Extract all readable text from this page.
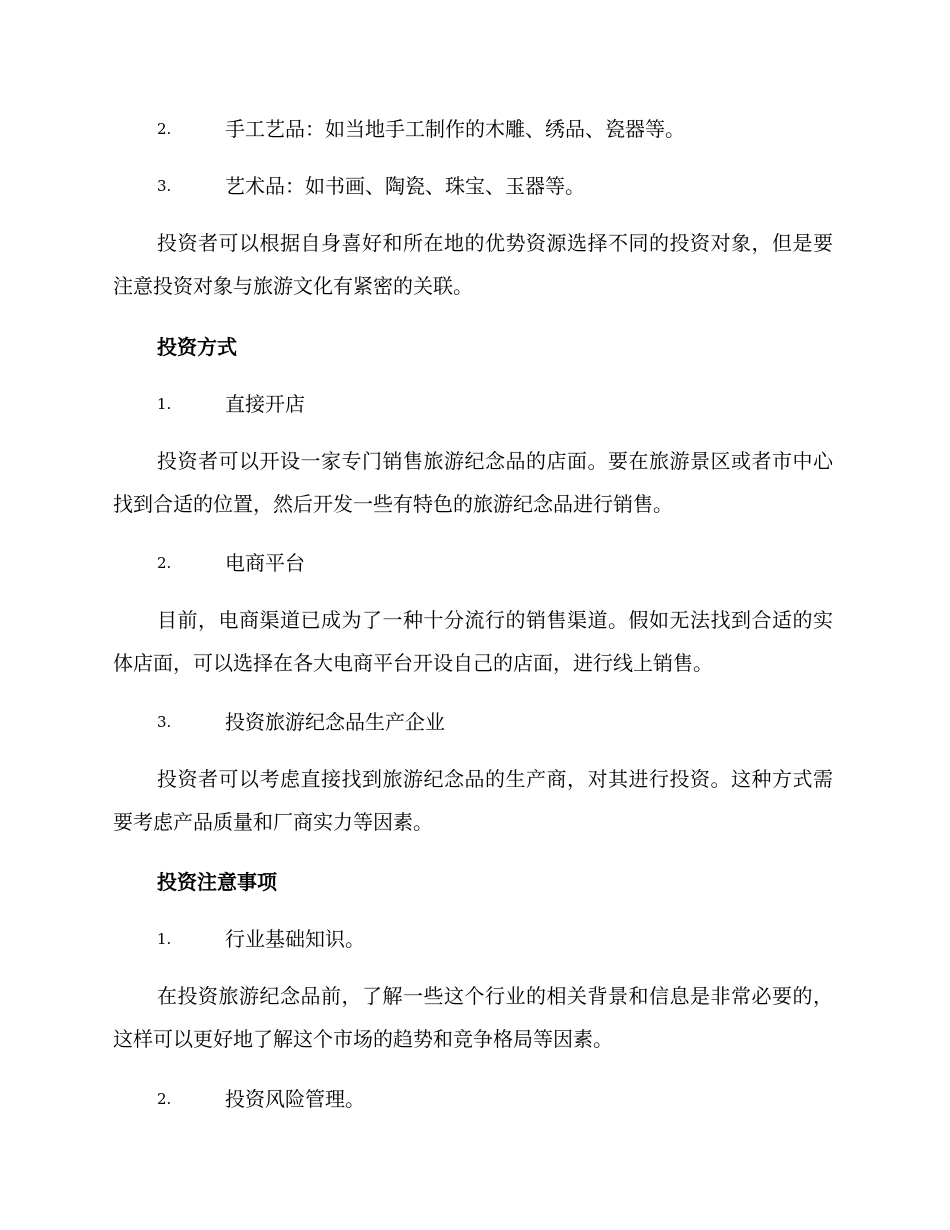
2.	手工艺品：如当地手工制作的木雕、绣品、瓷器等。
3.	艺术品：如书画、陶瓷、珠宝、玉器等。
投资者可以根据自身喜好和所在地的优势资源选择不同的投资对象，但是要注意投资对象与旅游文化有紧密的关联。
投资方式
1.	直接开店
投资者可以开设一家专门销售旅游纪念品的店面。要在旅游景区或者市中心找到合适的位置，然后开发一些有特色的旅游纪念品进行销售。
2.	电商平台
目前，电商渠道已成为了一种十分流行的销售渠道。假如无法找到合适的实体店面，可以选择在各大电商平台开设自己的店面，进行线上销售。
3.	投资旅游纪念品生产企业
投资者可以考虑直接找到旅游纪念品的生产商，对其进行投资。这种方式需要考虑产品质量和厂商实力等因素。
投资注意事项
1.	行业基础知识。
在投资旅游纪念品前，了解一些这个行业的相关背景和信息是非常必要的，这样可以更好地了解这个市场的趋势和竞争格局等因素。
2.	投资风险管理。
